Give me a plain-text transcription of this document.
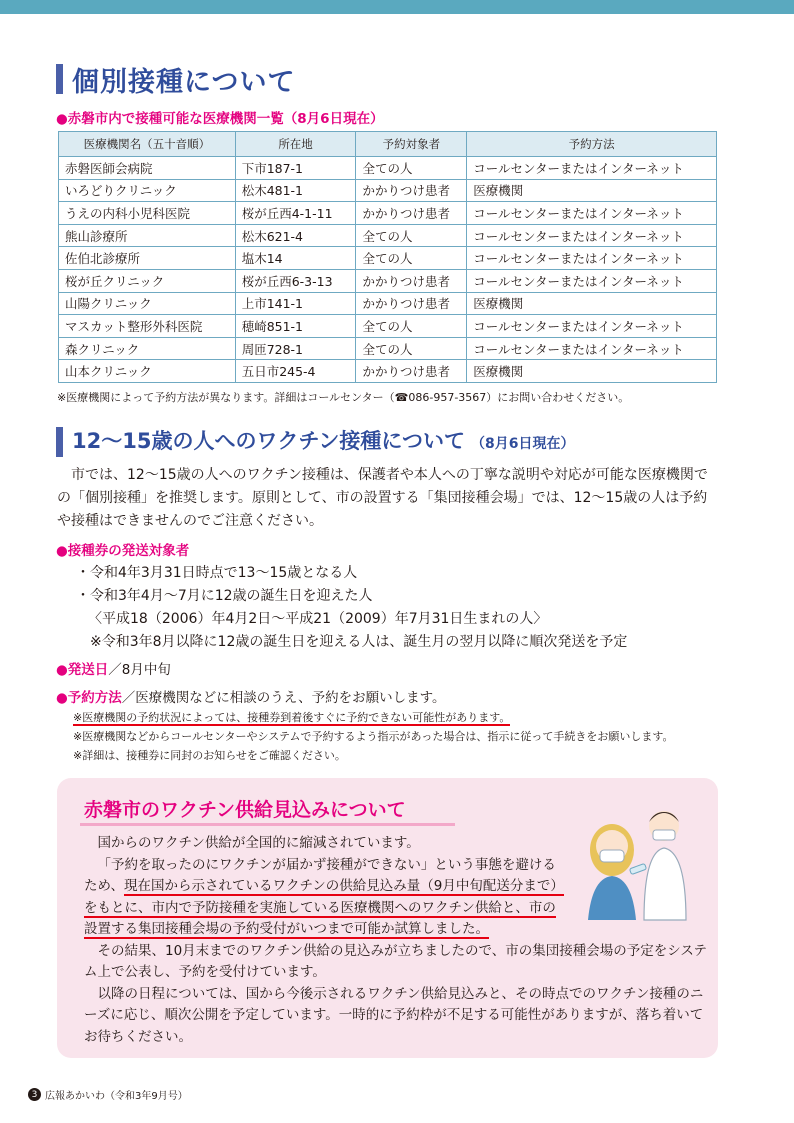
個別接種について
●赤磐市内で接種可能な医療機関一覧（8月6日現在）
医療機関名（五十音順）	所在地	予約対象者	予約方法
赤磐医師会病院	下市187-1	全ての人	コールセンターまたはインターネット
いろどりクリニック	松木481-1	かかりつけ患者	医療機関
うえの内科小児科医院	桜が丘西4-1-11	かかりつけ患者	コールセンターまたはインターネット
熊山診療所	松木621-4	全ての人	コールセンターまたはインターネット
佐伯北診療所	塩木14	全ての人	コールセンターまたはインターネット
桜が丘クリニック	桜が丘西6-3-13	かかりつけ患者	コールセンターまたはインターネット
山陽クリニック	上市141-1	かかりつけ患者	医療機関
マスカット整形外科医院	穂崎851-1	全ての人	コールセンターまたはインターネット
森クリニック	周匝728-1	全ての人	コールセンターまたはインターネット
山本クリニック	五日市245-4	かかりつけ患者	医療機関
※医療機関によって予約方法が異なります。詳細はコールセンター（☎086-957-3567）にお問い合わせください。
12～15歳の人へのワクチン接種について （8月6日現在）

市では、12～15歳の人へのワクチン接種は、保護者や本人への丁寧な説明や対応が可能な医療機関での「個別接種」を推奨します。原則として、市の設置する「集団接種会場」では、12～15歳の人は予約や接種はできませんのでご注意ください。

●接種券の発送対象者

・令和4年3月31日時点で13～15歳となる人

・令和3年4月～7月に12歳の誕生日を迎えた人

〈平成18（2006）年4月2日～平成21（2009）年7月31日生まれの人〉

※令和3年8月以降に12歳の誕生日を迎える人は、誕生月の翌月以降に順次発送を予定

●発送日／8月中旬
●予約方法／医療機関などに相談のうえ、予約をお願いします。

※医療機関の予約状況によっては、接種券到着後すぐに予約できない可能性があります。

※医療機関などからコールセンターやシステムで予約するよう指示があった場合は、指示に従って手続きをお願いします。

※詳細は、接種券に同封のお知らせをご確認ください。

赤磐市のワクチン供給見込みについて

国からのワクチン供給が全国的に縮減されています。

「予約を取ったのにワクチンが届かず接種ができない」という事態を避けるため、現在国から示されているワクチンの供給見込み量（9月中旬配送分まで）をもとに、市内で予防接種を実施している医療機関へのワクチン供給と、市の設置する集団接種会場の予約受付がいつまで可能か試算しました。

その結果、10月末までのワクチン供給の見込みが立ちましたので、市の集団接種会場の予定をシステム上で公表し、予約を受付けています。

以降の日程については、国から今後示されるワクチン供給見込みと、その時点でのワクチン接種のニーズに応じ、順次公開を予定しています。一時的に予約枠が不足する可能性がありますが、落ち着いてお待ちください。

3 広報あかいわ（令和3年9月号）
